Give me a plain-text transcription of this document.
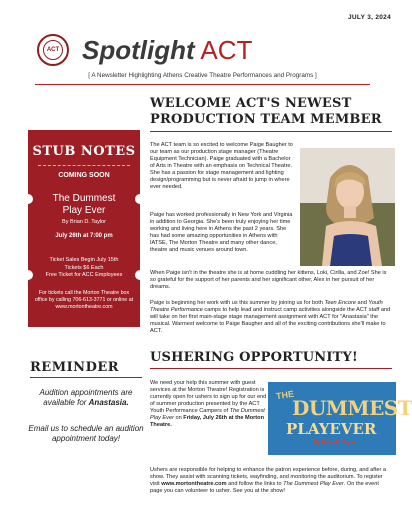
JULY 3, 2024
ACT Spotlight ACT
[ A Newsletter Highlighting Athens Creative Theatre Performances and Programs ]
STUB NOTES
COMING SOON
The Dummest
Play Ever
By Brian D. Taylor
July 26th at 7:00 pm
Ticket Sales Begin July 15th
Tickets $6 Each
Free Ticket for ACC Employees
For tickets call the Morton Theatre box office by calling 706-613-3771 or online at www.mortontheatre.com
REMINDER
Audition appointments are available for Anastasia.
Email us to schedule an audition appointment today!
WELCOME ACT'S NEWEST PRODUCTION TEAM MEMBER
The ACT team is so excited to welcome Paige Baugher to our team as our production stage manager (Theatre Equipment Technician). Paige graduated with a Bachelor of Arts in Theatre with an emphasis on Technical Theatre. She has a passion for stage management and lighting design/programming but is never afraid to jump in where ever needed.
Paige has worked professionally in New York and Virginia in addition to Georgia. She's been truly enjoying her time working and living here in Athens the past 2 years. She has had some amazing opportunities in Athens with IATSE, The Morton Theatre and many other dance, theatre and music venues around town.
When Paige isn't in the theatre she is at home cuddling her kittens, Loki, Cirilla, and Zoe! She is so grateful for the support of her parents and her significant other, Alex in her pursuit of her dreams.
Paige is beginning her work with us this summer by joining us for both Teen Encore and Youth Theatre Performance camps to help lead and instruct camp activities alongside the ACT staff and will take on her first main-stage stage management assignment with ACT for "Anastasia" the musical. Warmest welcome to Paige Baugher and all of the exciting contributions she'll make to ACT.
USHERING OPPORTUNITY!
We need your help this summer with guest services at the Morton Theatre! Registration is currently open for ushers to sign up for our end of summer production presented by the ACT Youth Performance Campers of The Dummest Play Ever on Friday, July 26th at the Morton Theatre.
THE
DUMMEST
PLAYEVER
By Brian D. Taylor
Ushers are responsible for helping to enhance the patron experience before, during, and after a show. They assist with scanning tickets, wayfinding, and monitoring the auditorium. To register visit www.mortontheatre.com and follow the links to The Dummest Play Ever. On the event page you can volunteer to usher. See you at the show!
